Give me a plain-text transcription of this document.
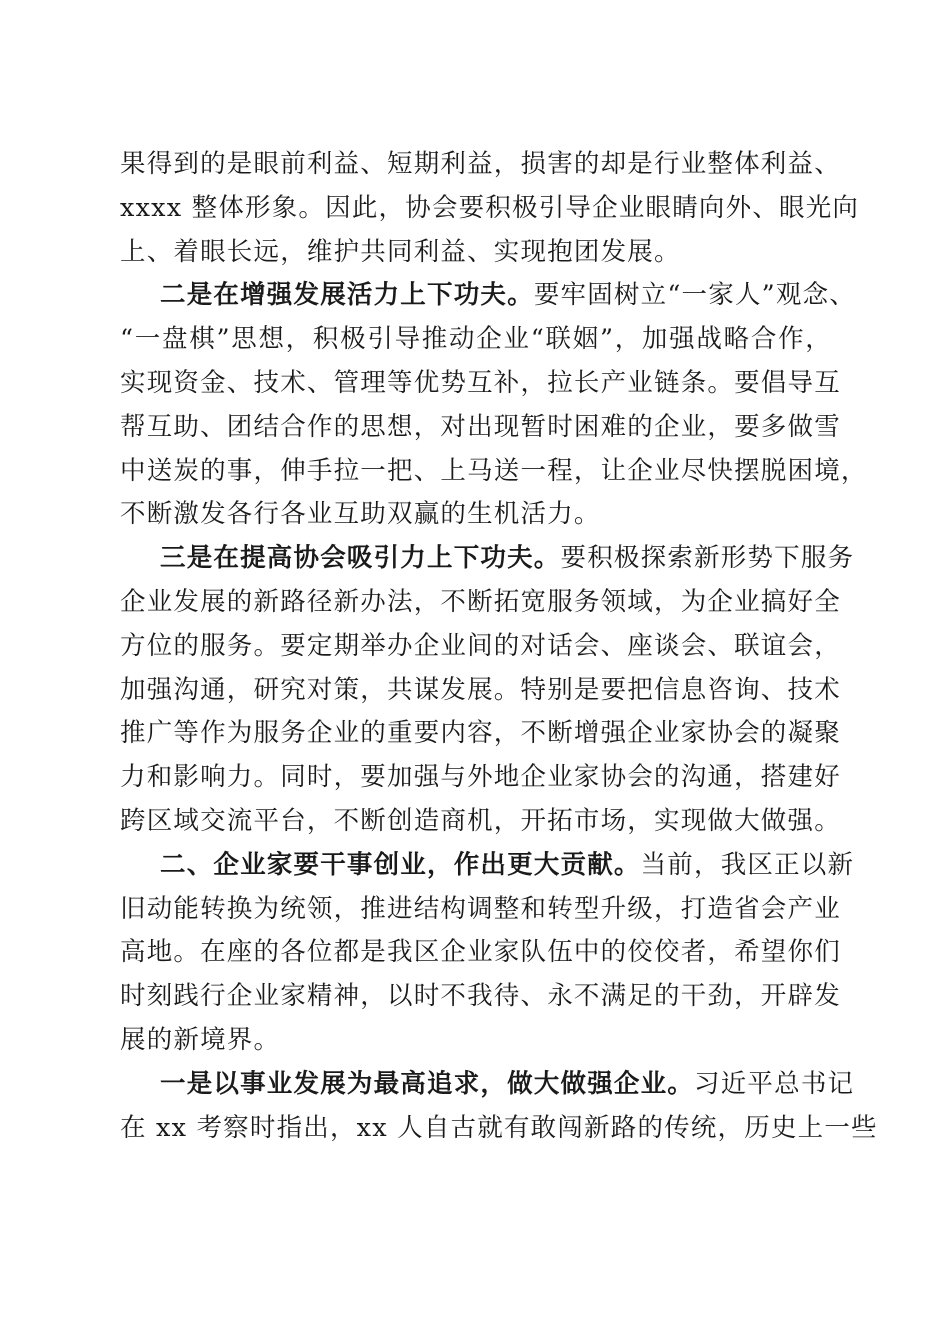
果得到的是眼前利益、短期利益，损害的却是行业整体利益、
xxxx 整体形象。因此，协会要积极引导企业眼睛向外、眼光向
上、着眼长远，维护共同利益、实现抱团发展。
二是在增强发展活力上下功夫。要牢固树立“一家人”观念、
“一盘棋”思想，积极引导推动企业“联姻”，加强战略合作，
实现资金、技术、管理等优势互补，拉长产业链条。要倡导互
帮互助、团结合作的思想，对出现暂时困难的企业，要多做雪
中送炭的事，伸手拉一把、上马送一程，让企业尽快摆脱困境，
不断激发各行各业互助双赢的生机活力。
三是在提高协会吸引力上下功夫。要积极探索新形势下服务
企业发展的新路径新办法，不断拓宽服务领域，为企业搞好全
方位的服务。要定期举办企业间的对话会、座谈会、联谊会，
加强沟通，研究对策，共谋发展。特别是要把信息咨询、技术
推广等作为服务企业的重要内容，不断增强企业家协会的凝聚
力和影响力。同时，要加强与外地企业家协会的沟通，搭建好
跨区域交流平台，不断创造商机，开拓市场，实现做大做强。
二、企业家要干事创业，作出更大贡献。当前，我区正以新
旧动能转换为统领，推进结构调整和转型升级，打造省会产业
高地。在座的各位都是我区企业家队伍中的佼佼者，希望你们
时刻践行企业家精神，以时不我待、永不满足的干劲，开辟发
展的新境界。
一是以事业发展为最高追求，做大做强企业。习近平总书记
在 xx 考察时指出，xx 人自古就有敢闯新路的传统，历史上一些
